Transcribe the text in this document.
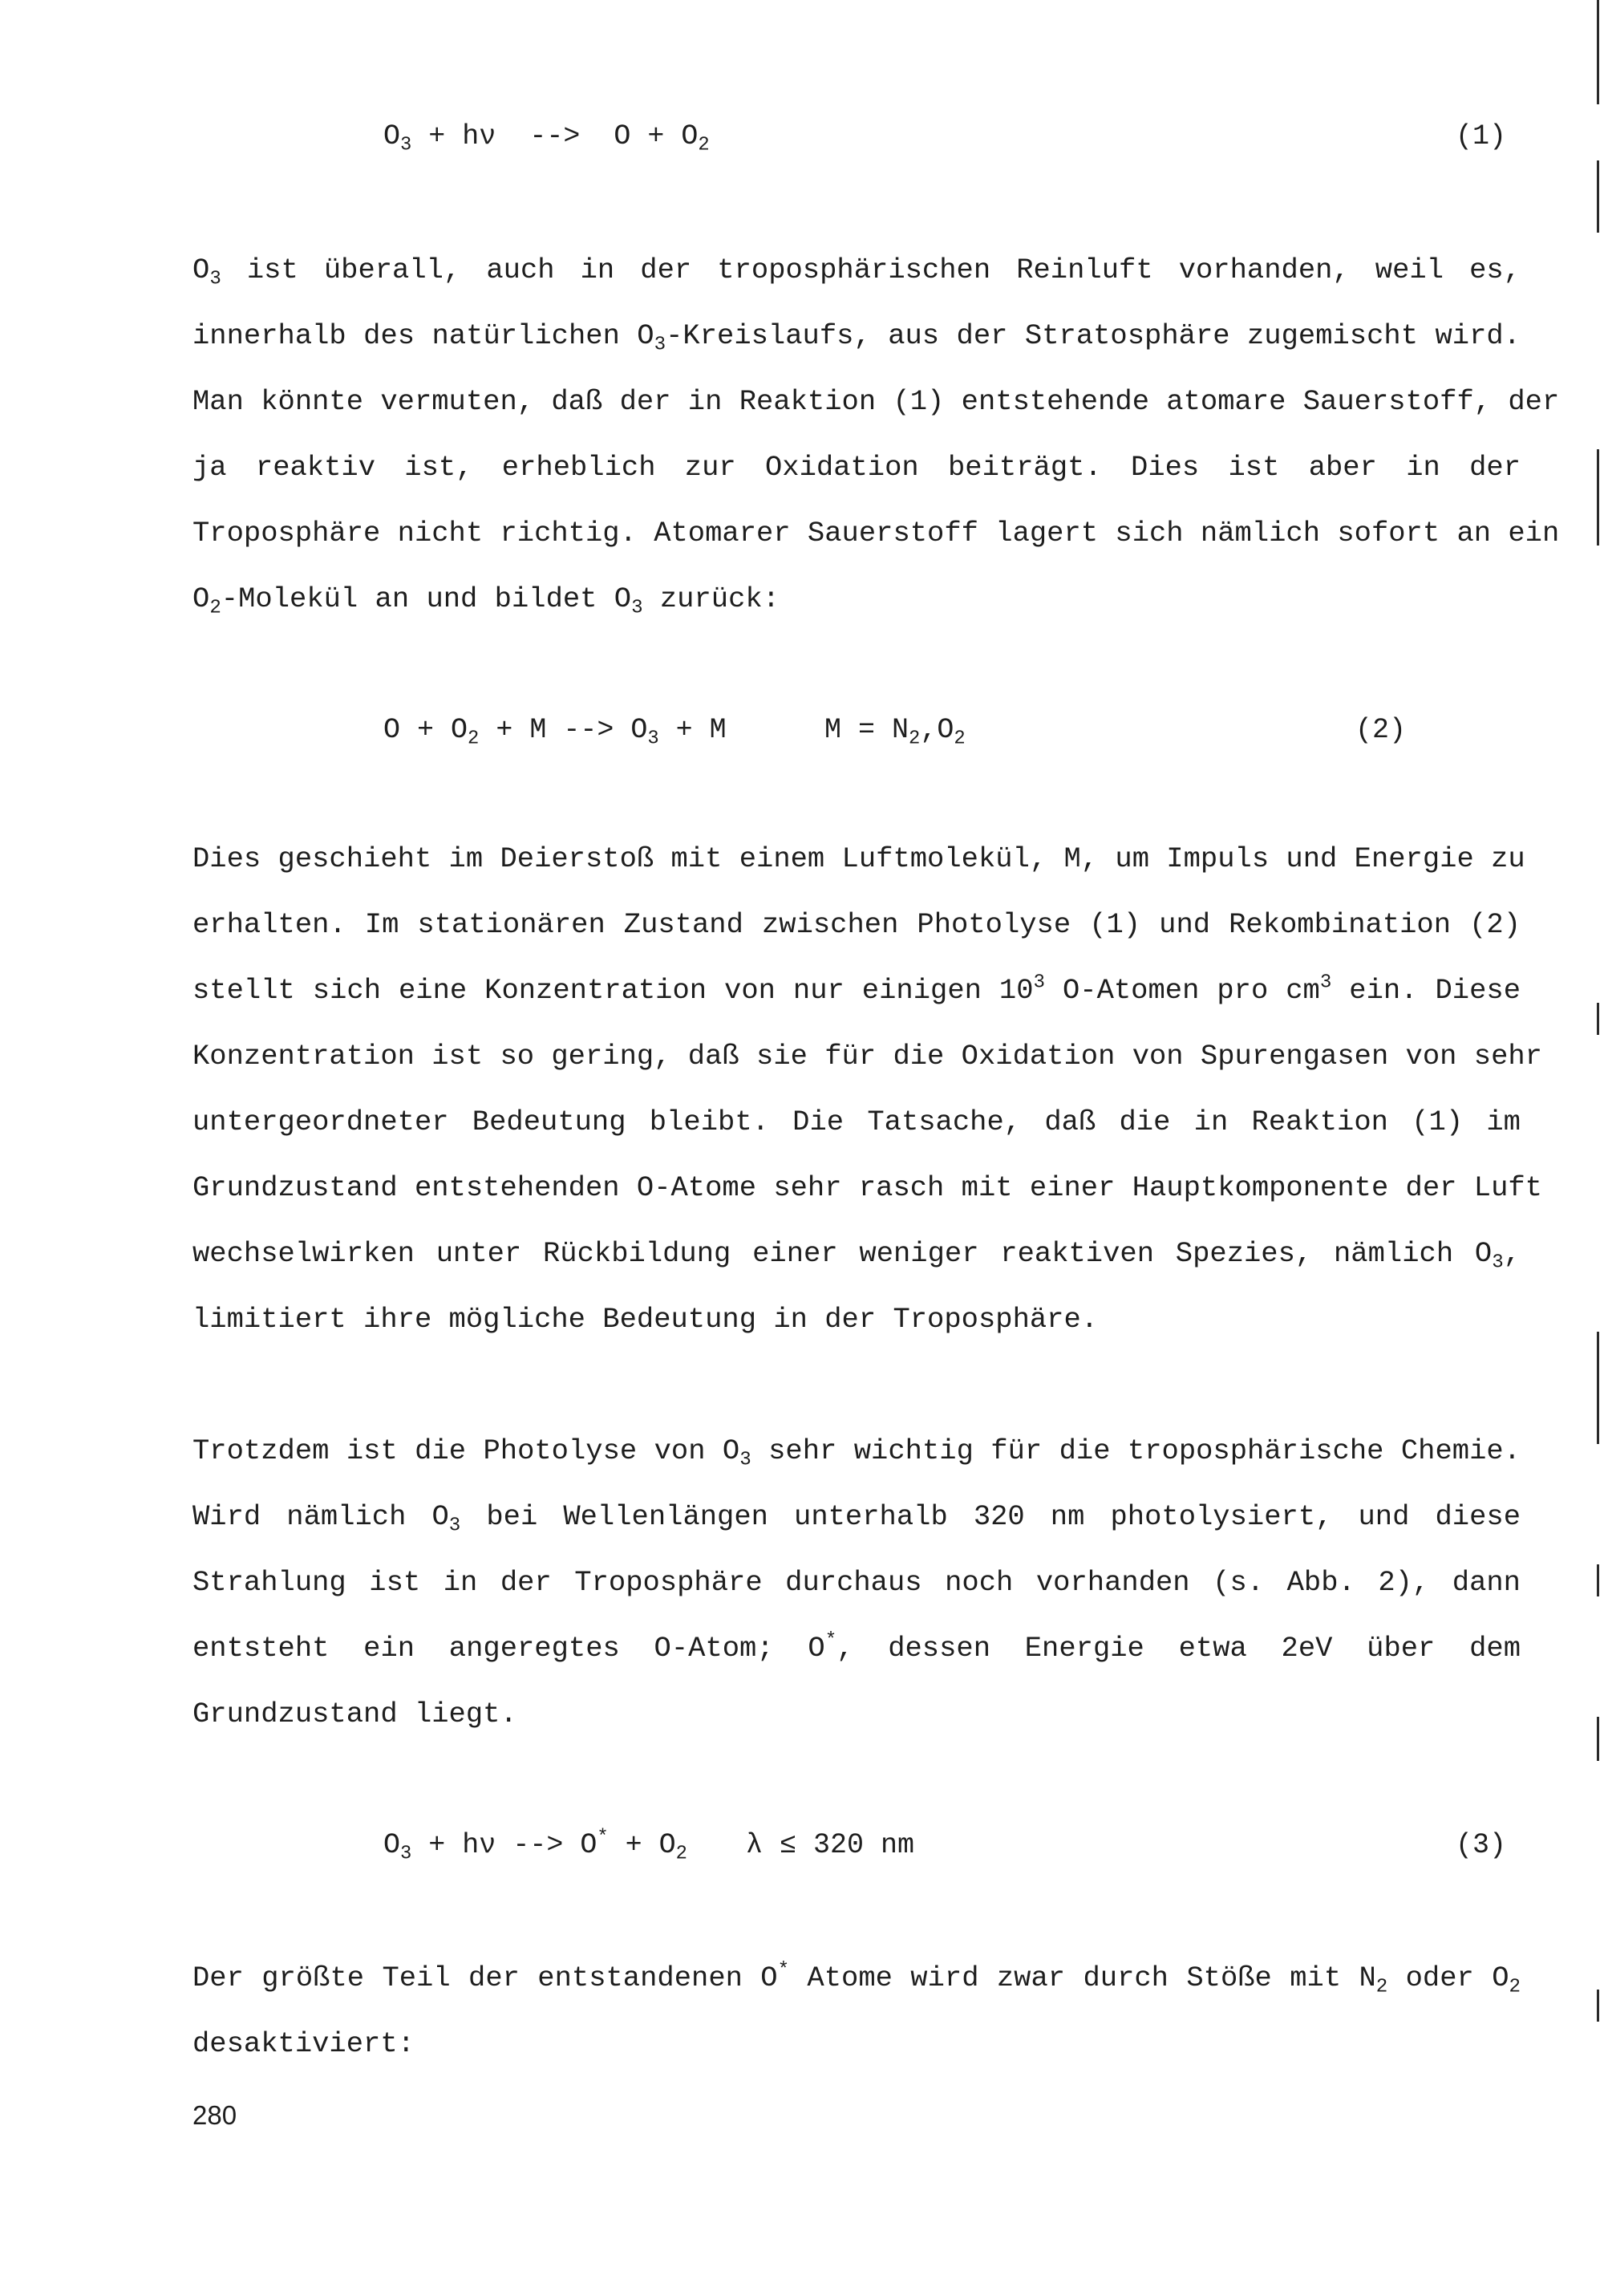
$O_3 + h\nu$  -->  $O + O_2$

	(1)

$O_3$ ist überall, auch in der troposphärischen Reinluft vorhanden, weil es,
innerhalb des natürlichen $O_3$-Kreislaufs, aus der Stratosphäre zugemischt wird.
Man könnte vermuten, daß der in Reaktion (1) entstehende atomare Sauerstoff, der
ja reaktiv ist, erheblich zur Oxidation beiträgt. Dies ist aber in der
Troposphäre nicht richtig. Atomarer Sauerstoff lagert sich nämlich sofort an ein
$O_2$-Molekül an und bildet $O_3$ zurück:

$O + O_2 + M$ --> $O_3 + M$

	$M = N_2,O_2$

	(2)

Dies geschieht im Deierstoß mit einem Luftmolekül, M, um Impuls und Energie zu
erhalten. Im stationären Zustand zwischen Photolyse (1) und Rekombination (2)
stellt sich eine Konzentration von nur einigen $10^3$ O-Atomen pro $cm^3$ ein. Diese
Konzentration ist so gering, daß sie für die Oxidation von Spurengasen von sehr
untergeordneter Bedeutung bleibt. Die Tatsache, daß die in Reaktion (1) im
Grundzustand entstehenden O-Atome sehr rasch mit einer Hauptkomponente der Luft
wechselwirken unter Rückbildung einer weniger reaktiven Spezies, nämlich $O_3$,
limitiert ihre mögliche Bedeutung in der Troposphäre.
Trotzdem ist die Photolyse von $O_3$ sehr wichtig für die troposphärische Chemie.
Wird nämlich $O_3$ bei Wellenlängen unterhalb 320 nm photolysiert, und diese
Strahlung ist in der Troposphäre durchaus noch vorhanden (s. Abb. 2), dann
entsteht ein angeregtes O-Atom; O*, dessen Energie etwa 2eV über dem
Grundzustand liegt.

$O_3 + h\nu$ --> $O^* + O_2$

λ ≤ 320 nm

	(3)

Der größte Teil der entstandenen O* Atome wird zwar durch Stöße mit $N_2$ oder $O_2$
desaktiviert:
280
